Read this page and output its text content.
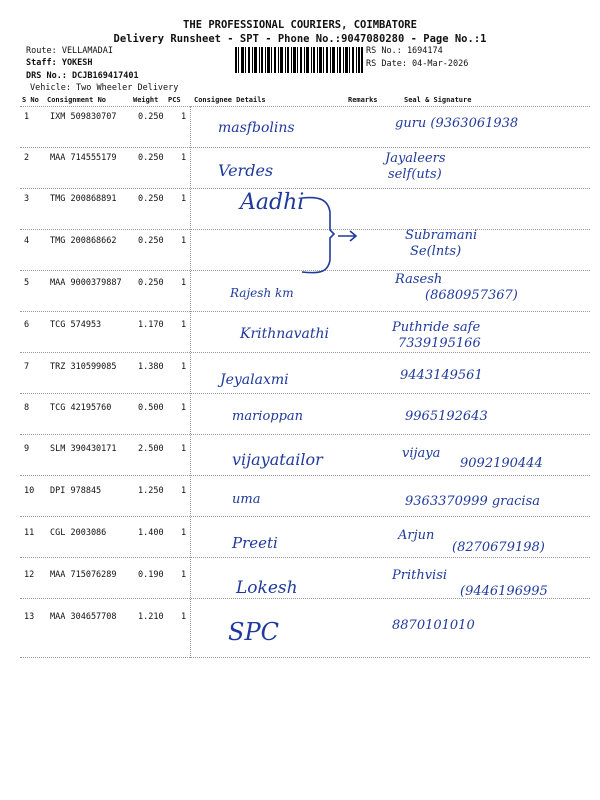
THE PROFESSIONAL COURIERS, COIMBATORE
Delivery Runsheet - SPT - Phone No.:9047080280 - Page No.:1
Route: VELLAMADAI
Staff: YOKESH
DRS No.: DCJB169417401
Vehicle: Two Wheeler Delivery
RS No.: 1694174
RS Date: 04-Mar-2026
S No Consignment No	Weight PCS Consignee Details	Remarks	Seal & Signature
1 IXM 509830707	0.250 1
masfbolins	guru (9363061938
2 MAA 714555179	0.250 1
Verdes
Jayaleers
self(uts)
3 TMG 200868891	0.250 1 Aadhi
4 TMG 200868662	0.250 1	Subramani
Se(lnts)
5 MAA 9000379887 0.250 1
Rajesh km
Rasesh
(8680957367)
6 TCG 574953	1.170 1
Krithnavathi	Puthride safe
7339195166
7 TRZ 310599085	1.380 1
Jeyalaxmi	9443149561
8 TCG 42195760	0.500 1
marioppan	9965192643
9 SLM 390430171	2.500 1
vijayatailor	vijaya
9092190444
10 DPI 978845	1.250 1
uma	9363370999 gracisa
11 CGL 2003086	1.400 1
Preeti	Arjun
(8270679198)
12 MAA 715076289	0.190 1
Lokesh
Prithvisi
(9446196995
13 MAA 304657708	1.210 1
SPC	8870101010
